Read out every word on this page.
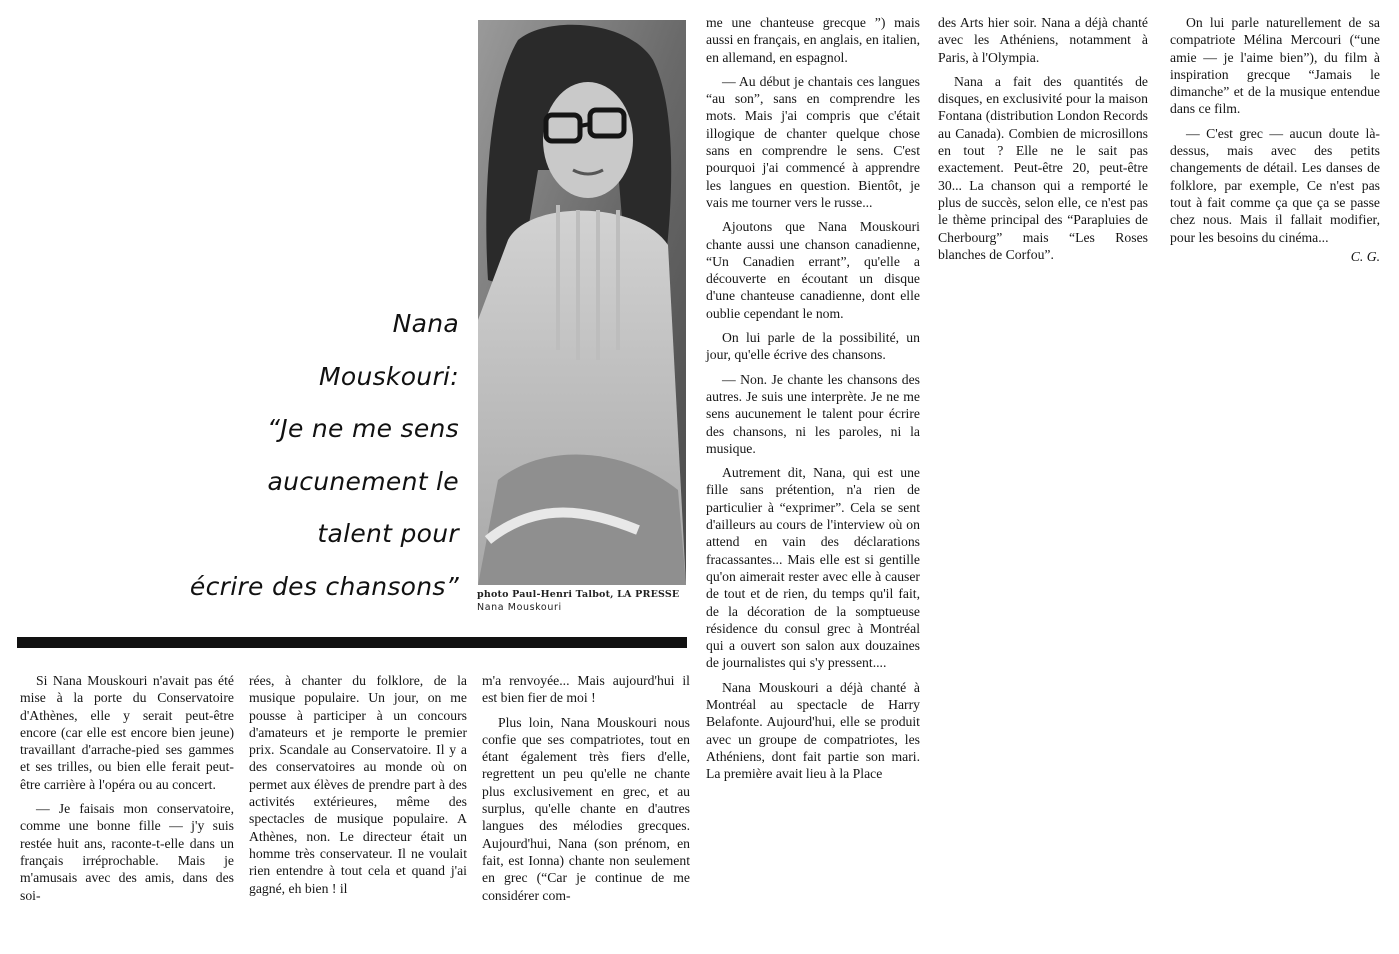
Nana
Mouskouri:
“Je ne me sens
aucunement le
talent pour
écrire des chansons” photo Paul-Henri Talbot, LA PRESSE
Nana Mouskouri

Si Nana Mouskouri n'avait pas été mise à la porte du Conservatoire d'Athènes, elle y serait peut-être encore (car elle est encore bien jeune) travaillant d'arrache-pied ses gammes et ses trilles, ou bien elle ferait peut-être carrière à l'opéra ou au concert.

— Je faisais mon conservatoire, comme une bonne fille — j'y suis restée huit ans, raconte-t-elle dans un français irréprochable. Mais je m'amusais avec des amis, dans des soi-

rées, à chanter du folklore, de la musique populaire. Un jour, on me pousse à participer à un concours d'amateurs et je remporte le premier prix. Scandale au Conservatoire. Il y a des conservatoires au monde où on permet aux élèves de prendre part à des activités extérieures, même des spectacles de musique populaire. A Athènes, non. Le directeur était un homme très conservateur. Il ne voulait rien entendre à tout cela et quand j'ai gagné, eh bien ! il

m'a renvoyée... Mais aujourd'hui il est bien fier de moi !

Plus loin, Nana Mouskouri nous confie que ses compatriotes, tout en étant également très fiers d'elle, regrettent un peu qu'elle ne chante plus exclusivement en grec, et au surplus, qu'elle chante en d'autres langues des mélodies grecques. Aujourd'hui, Nana (son prénom, en fait, est Ionna) chante non seulement en grec (“Car je continue de me considérer com-

me une chanteuse grecque ”) mais aussi en français, en anglais, en italien, en allemand, en espagnol.

— Au début je chantais ces langues “au son”, sans en comprendre les mots. Mais j'ai compris que c'était illogique de chanter quelque chose sans en comprendre le sens. C'est pourquoi j'ai commencé à apprendre les langues en question. Bientôt, je vais me tourner vers le russe...

Ajoutons que Nana Mouskouri chante aussi une chanson canadienne, “Un Canadien errant”, qu'elle a découverte en écoutant un disque d'une chanteuse canadienne, dont elle oublie cependant le nom.

On lui parle de la possibilité, un jour, qu'elle écrive des chansons.

— Non. Je chante les chansons des autres. Je suis une interprète. Je ne me sens aucunement le talent pour écrire des chansons, ni les paroles, ni la musique.

Autrement dit, Nana, qui est une fille sans prétention, n'a rien de particulier à “exprimer”. Cela se sent d'ailleurs au cours de l'interview où on attend en vain des déclarations fracassantes... Mais elle est si gentille qu'on aimerait rester avec elle à causer de tout et de rien, du temps qu'il fait, de la décoration de la somptueuse résidence du consul grec à Montréal qui a ouvert son salon aux douzaines de journalistes qui s'y pressent....

Nana Mouskouri a déjà chanté à Montréal au spectacle de Harry Belafonte. Aujourd'hui, elle se produit avec un groupe de compatriotes, les Athéniens, dont fait partie son mari. La première avait lieu à la Place

des Arts hier soir. Nana a déjà chanté avec les Athéniens, notamment à Paris, à l'Olympia.

Nana a fait des quantités de disques, en exclusivité pour la maison Fontana (distribution London Records au Canada). Combien de microsillons en tout ? Elle ne le sait pas exactement. Peut-être 20, peut-être 30... La chanson qui a remporté le plus de succès, selon elle, ce n'est pas le thème principal des “Parapluies de Cherbourg” mais “Les Roses blanches de Corfou”.

On lui parle naturellement de sa compatriote Mélina Mercouri (“une amie — je l'aime bien”), du film à inspiration grecque “Jamais le dimanche” et de la musique entendue dans ce film.

— C'est grec — aucun doute là-dessus, mais avec des petits changements de détail. Les danses de folklore, par exemple, Ce n'est pas tout à fait comme ça que ça se passe chez nous. Mais il fallait modifier, pour les besoins du cinéma...

C. G.
